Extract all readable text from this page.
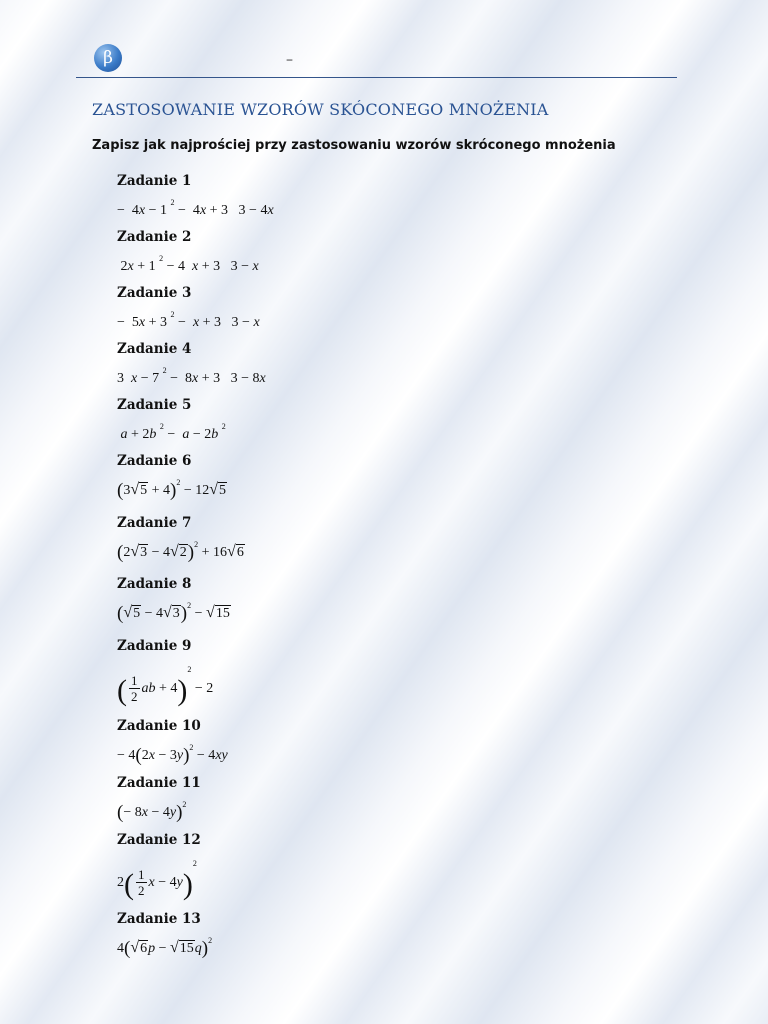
β	–
ZASTOSOWANIE WZORÓW SKÓCONEGO MNOŻENIA
Zapisz jak najprościej przy zastosowaniu wzorów skróconego mnożenia
Zadanie 1
−  4x − 1 $^2$ −  4x + 3   3 − 4x
Zadanie 2
2x + 1 $^2$ − 4  x + 3   3 − x
Zadanie 3
−  5x + 3 $^2$ −  x + 3   3 − x
Zadanie 4
3  x − 7 $^2$ −  8x + 3   3 − 8x
Zadanie 5
a + 2b $^2$ −  a − 2b $^2$
Zadanie 6
$(3√5 + 4)^2 - 12√5$
Zadanie 7
$(2√3 - 4√2)^2 + 16√6$
Zadanie 8
$(√5 - 4√3)^2 - √15$
Zadanie 9
( $\frac{1}{2}$ ab + 4)$^2$ − 2
Zadanie 10
− $4(2x - 3y)^2 - 4xy$
Zadanie 11
(− 8x − 4y)$^2$
Zadanie 12
$2( \frac{1}{2}$ $x - 4y)^2$
Zadanie 13
$4(√6p - √15q)^2$
